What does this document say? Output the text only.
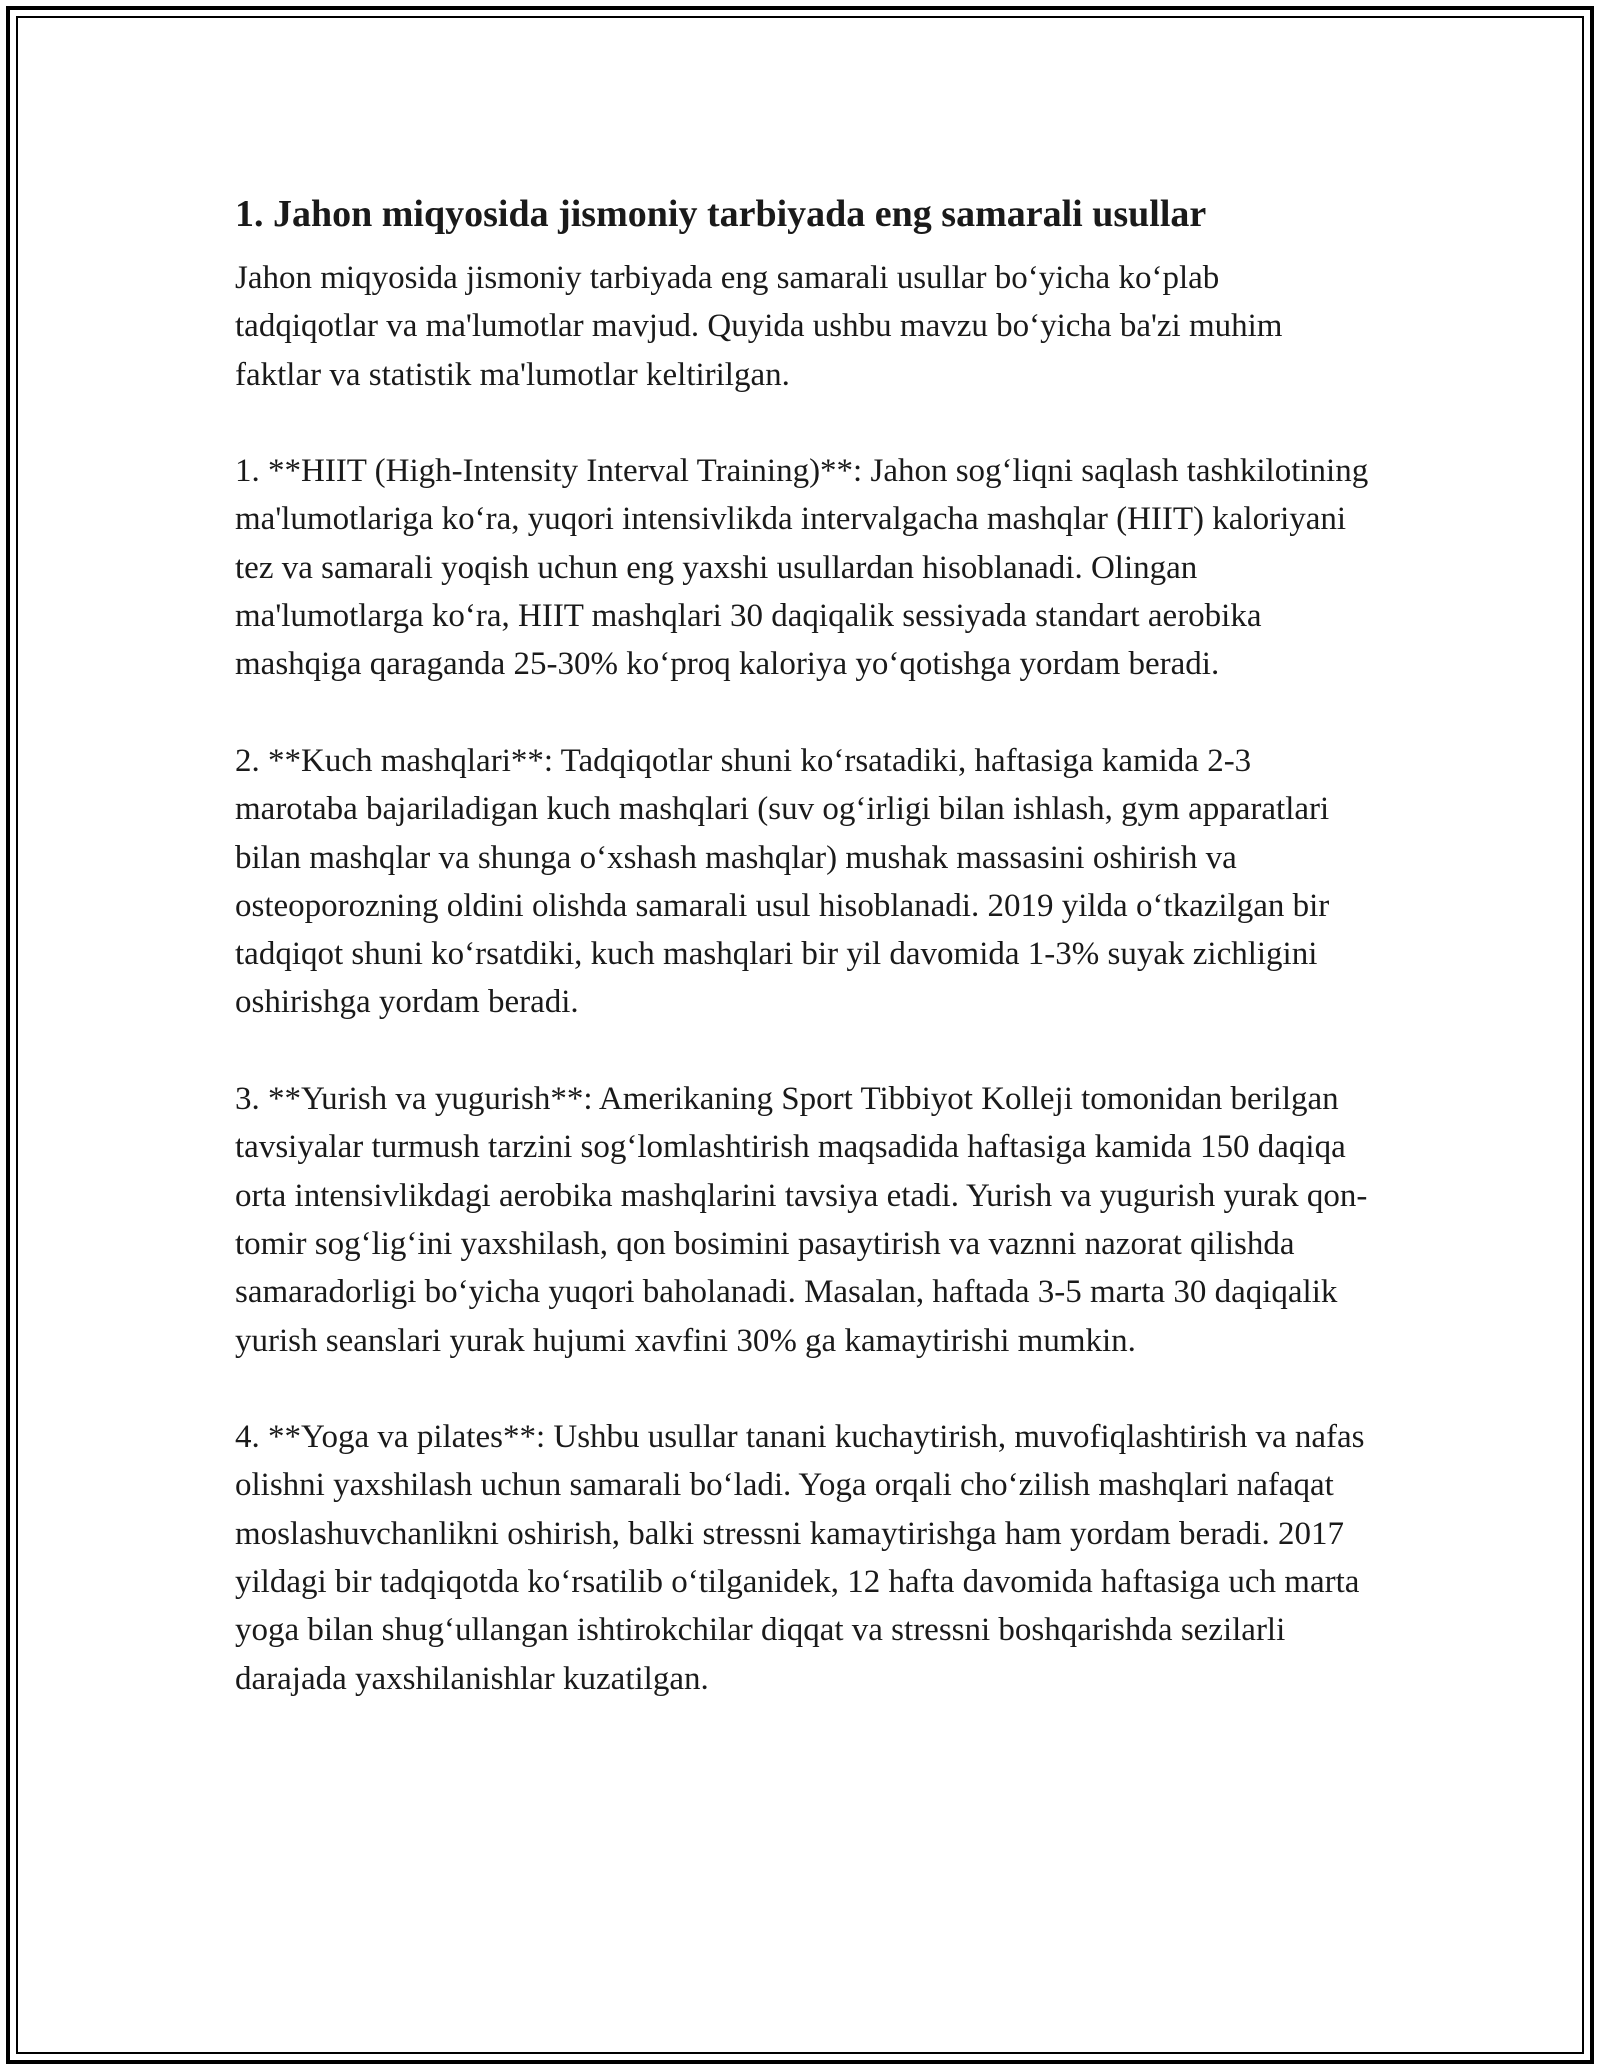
1. Jahon miqyosida jismoniy tarbiyada eng samarali usullar

Jahon miqyosida jismoniy tarbiyada eng samarali usullar bo‘yicha ko‘plab tadqiqotlar va ma'lumotlar mavjud. Quyida ushbu mavzu bo‘yicha ba'zi muhim faktlar va statistik ma'lumotlar keltirilgan.

1. **HIIT (High-Intensity Interval Training)**: Jahon sog‘liqni saqlash tashkilotining ma'lumotlariga ko‘ra, yuqori intensivlikda intervalgacha mashqlar (HIIT) kaloriyani tez va samarali yoqish uchun eng yaxshi usullardan hisoblanadi. Olingan ma'lumotlarga ko‘ra, HIIT mashqlari 30 daqiqalik sessiyada standart aerobika mashqiga qaraganda 25-30% ko‘proq kaloriya yo‘qotishga yordam beradi.

2. **Kuch mashqlari**: Tadqiqotlar shuni ko‘rsatadiki, haftasiga kamida 2-3 marotaba bajariladigan kuch mashqlari (suv og‘irligi bilan ishlash, gym apparatlari bilan mashqlar va shunga o‘xshash mashqlar) mushak massasini oshirish va osteoporozning oldini olishda samarali usul hisoblanadi. 2019 yilda o‘tkazilgan bir tadqiqot shuni ko‘rsatdiki, kuch mashqlari bir yil davomida 1-3% suyak zichligini oshirishga yordam beradi.

3. **Yurish va yugurish**: Amerikaning Sport Tibbiyot Kolleji tomonidan berilgan tavsiyalar turmush tarzini sog‘lomlashtirish maqsadida haftasiga kamida 150 daqiqa orta intensivlikdagi aerobika mashqlarini tavsiya etadi. Yurish va yugurish yurak qon-tomir sog‘lig‘ini yaxshilash, qon bosimini pasaytirish va vaznni nazorat qilishda samaradorligi bo‘yicha yuqori baholanadi. Masalan, haftada 3-5 marta 30 daqiqalik yurish seanslari yurak hujumi xavfini 30% ga kamaytirishi mumkin.

4. **Yoga va pilates**: Ushbu usullar tanani kuchaytirish, muvofiqlashtirish va nafas olishni yaxshilash uchun samarali bo‘ladi. Yoga orqali cho‘zilish mashqlari nafaqat moslashuvchanlikni oshirish, balki stressni kamaytirishga ham yordam beradi. 2017 yildagi bir tadqiqotda ko‘rsatilib o‘tilganidek, 12 hafta davomida haftasiga uch marta yoga bilan shug‘ullangan ishtirokchilar diqqat va stressni boshqarishda sezilarli darajada yaxshilanishlar kuzatilgan.
